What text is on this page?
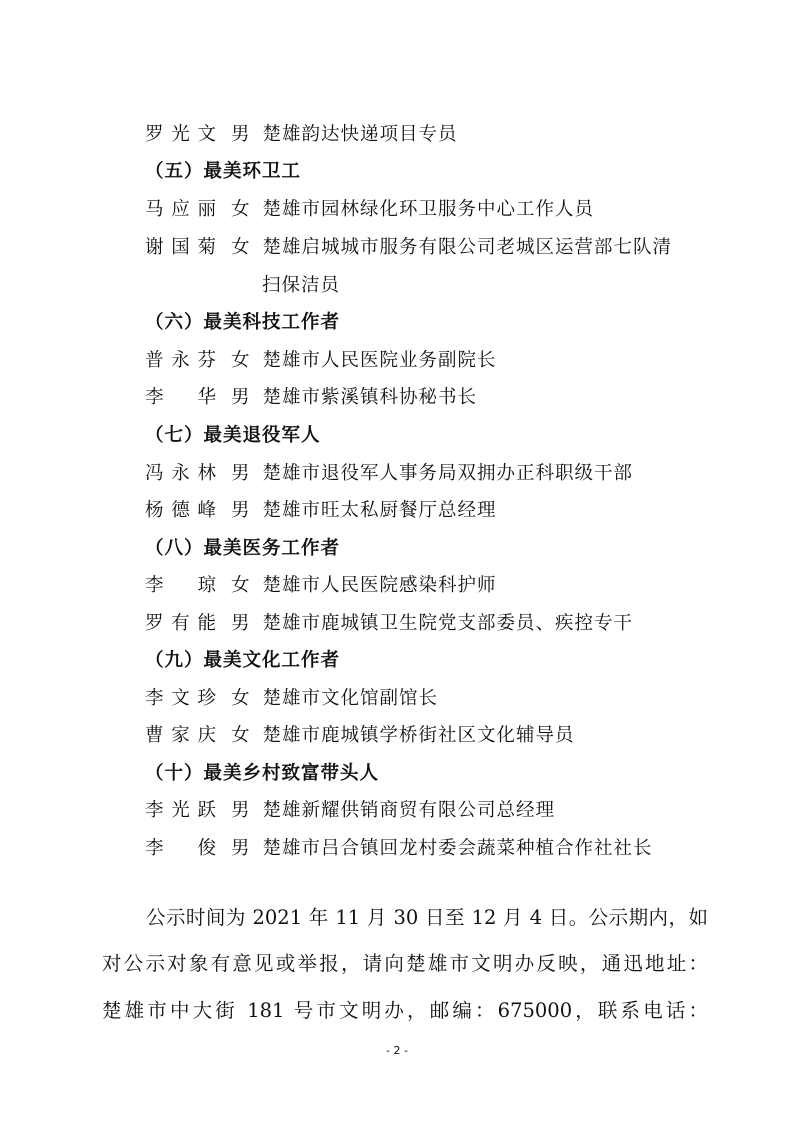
罗光文 男 楚雄韵达快递项目专员
（五）最美环卫工
马应丽 女 楚雄市园林绿化环卫服务中心工作人员
谢国菊 女 楚雄启城城市服务有限公司老城区运营部七队清
扫保洁员
（六）最美科技工作者
普永芬 女 楚雄市人民医院业务副院长
李　华 男 楚雄市紫溪镇科协秘书长
（七）最美退役军人
冯永林 男 楚雄市退役军人事务局双拥办正科职级干部
杨德峰 男 楚雄市旺太私厨餐厅总经理
（八）最美医务工作者
李　琼 女 楚雄市人民医院感染科护师
罗有能 男 楚雄市鹿城镇卫生院党支部委员、疾控专干
（九）最美文化工作者
李文珍 女 楚雄市文化馆副馆长
曹家庆 女 楚雄市鹿城镇学桥街社区文化辅导员
（十）最美乡村致富带头人
李光跃 男 楚雄新耀供销商贸有限公司总经理
李　俊 男 楚雄市吕合镇回龙村委会蔬菜种植合作社社长
公示时间为 2021 年 11 月 30 日至 12 月 4 日。公示期内，如
对公示对象有意见或举报，请向楚雄市文明办反映，通迅地址：
楚雄市中大街 181 号市文明办，邮编：675000，联系电话：
- 2 -
